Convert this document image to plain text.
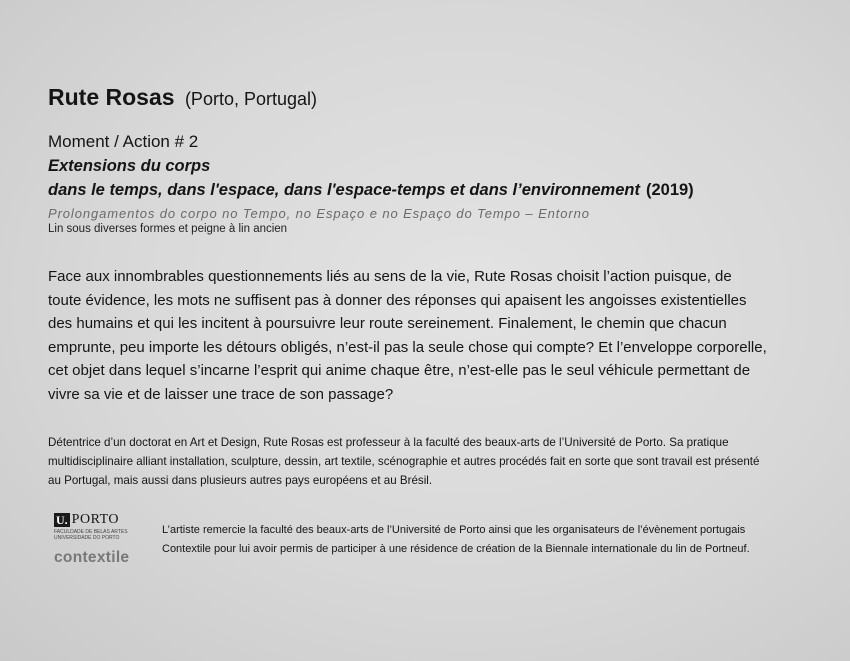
Rute Rosas (Porto, Portugal)
Moment / Action # 2
Extensions du corps
dans le temps, dans l'espace, dans l'espace-temps et dans l’environnement (2019)
Prolongamentos do corpo no Tempo, no Espaço e no Espaço do Tempo – Entorno
Lin sous diverses formes et peigne à lin ancien
Face aux innombrables questionnements liés au sens de la vie, Rute Rosas choisit l’action puisque, de toute évidence, les mots ne suffisent pas à donner des réponses qui apaisent les angoisses existentielles des humains et qui les incitent à poursuivre leur route sereinement. Finalement, le chemin que chacun emprunte, peu importe les détours obligés, n’est-il pas la seule chose qui compte? Et l’enveloppe corporelle, cet objet dans lequel s’incarne l’esprit qui anime chaque être, n’est-elle pas le seul véhicule permettant de vivre sa vie et de laisser une trace de son passage?
Détentrice d’un doctorat en Art et Design, Rute Rosas est professeur à la faculté des beaux-arts de l’Université de Porto. Sa pratique multidisciplinaire alliant installation, sculpture, dessin, art textile, scénographie et autres procédés fait en sorte que sont travail est présenté au Portugal, mais aussi dans plusieurs autres pays européens et au Brésil.
U. PORTO
FACULDADE DE BELAS ARTES
UNIVERSIDADE DO PORTO
contextile
L’artiste remercie la faculté des beaux-arts de l’Université de Porto ainsi que les organisateurs de l’évènement portugais Contextile pour lui avoir permis de participer à une résidence de création de la Biennale internationale du lin de Portneuf.
